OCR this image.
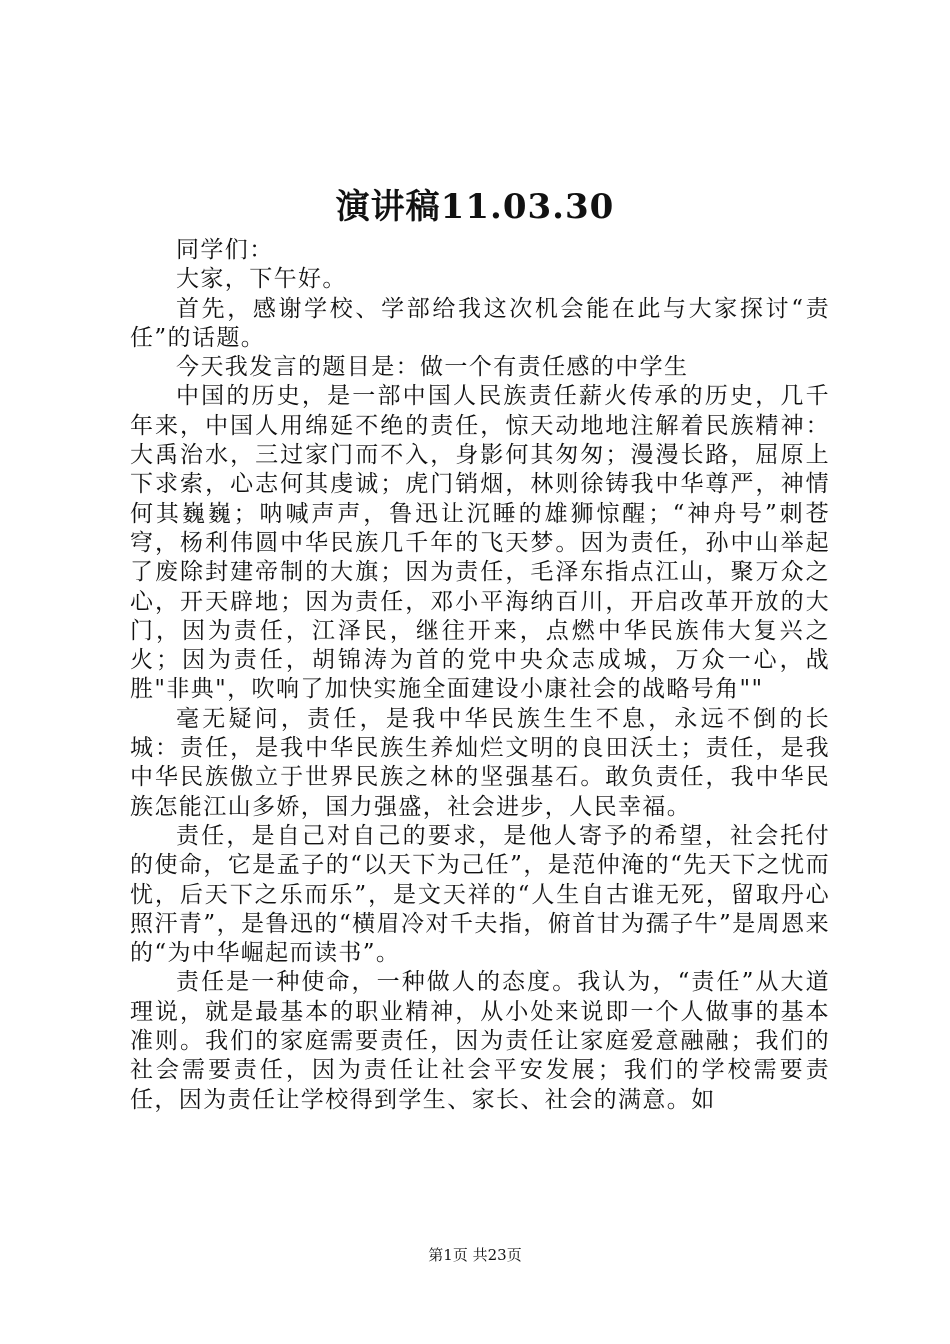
演讲稿11.03.30

同学们：

大家，下午好。

首先，感谢学校、学部给我这次机会能在此与大家探讨“责任”的话题。

今天我发言的题目是：做一个有责任感的中学生

中国的历史，是一部中国人民族责任薪火传承的历史，几千年来，中国人用绵延不绝的责任，惊天动地地注解着民族精神：大禹治水，三过家门而不入，身影何其匆匆；漫漫长路，屈原上下求索，心志何其虔诚；虎门销烟，林则徐铸我中华尊严，神情何其巍巍；呐喊声声，鲁迅让沉睡的雄狮惊醒；“神舟号”刺苍穹，杨利伟圆中华民族几千年的飞天梦。因为责任，孙中山举起了废除封建帝制的大旗；因为责任，毛泽东指点江山，聚万众之心，开天辟地；因为责任，邓小平海纳百川，开启改革开放的大门，因为责任，江泽民，继往开来，点燃中华民族伟大复兴之火；因为责任，胡锦涛为首的党中央众志成城，万众一心，战胜"非典"，吹响了加快实施全面建设小康社会的战略号角""

毫无疑问，责任，是我中华民族生生不息，永远不倒的长城：责任，是我中华民族生养灿烂文明的良田沃土；责任，是我中华民族傲立于世界民族之林的坚强基石。敢负责任，我中华民族怎能江山多娇，国力强盛，社会进步，人民幸福。

责任，是自己对自己的要求，是他人寄予的希望，社会托付的使命，它是孟子的“以天下为己任”，是范仲淹的“先天下之忧而忧，后天下之乐而乐”，是文天祥的“人生自古谁无死，留取丹心照汗青”，是鲁迅的“横眉冷对千夫指，俯首甘为孺子牛”是周恩来的“为中华崛起而读书”。

责任是一种使命，一种做人的态度。我认为，“责任”从大道理说，就是最基本的职业精神，从小处来说即一个人做事的基本准则。我们的家庭需要责任，因为责任让家庭爱意融融；我们的社会需要责任，因为责任让社会平安发展；我们的学校需要责任，因为责任让学校得到学生、家长、社会的满意。如

第1页 共23页
